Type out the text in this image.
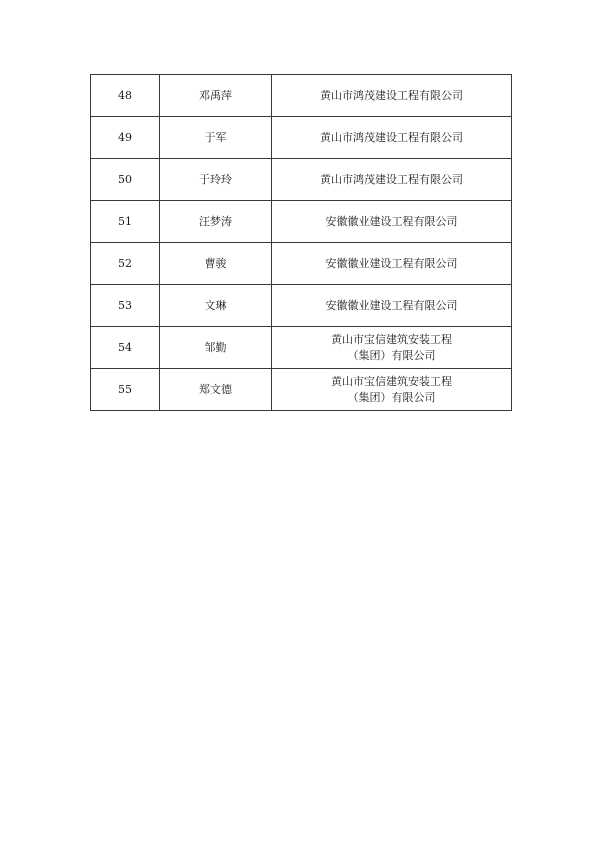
48	邓禹萍	黄山市鸿茂建设工程有限公司
49	于军	黄山市鸿茂建设工程有限公司
50	于玲玲	黄山市鸿茂建设工程有限公司
51	汪梦涛	安徽徽业建设工程有限公司
52	曹骏	安徽徽业建设工程有限公司
53	文琳	安徽徽业建设工程有限公司
54	邹勤	黄山市宝信建筑安装工程
（集团）有限公司
55	郑文德	黄山市宝信建筑安装工程
（集团）有限公司
